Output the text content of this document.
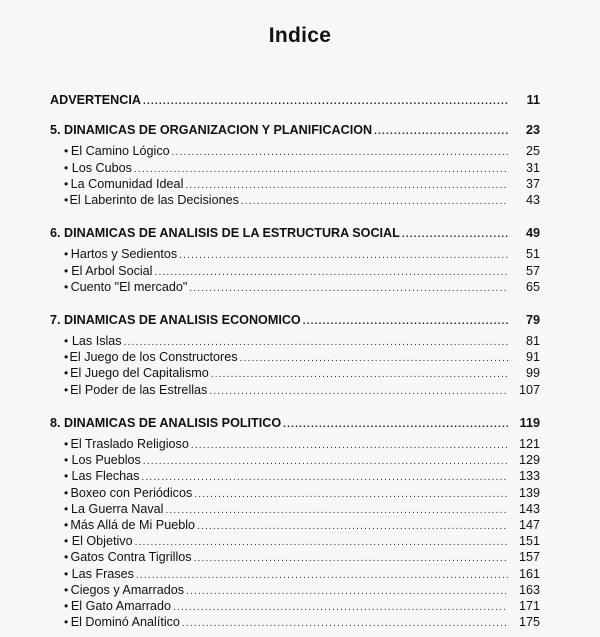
Indice
ADVERTENCIA .....	11
5. DINAMICAS DE ORGANIZACION Y PLANIFICACION .....	23
• El Camino Lógico .....	25
• Los Cubos .....	31
• La Comunidad Ideal .....	37
• El Laberinto de las Decisiones .....	43
6. DINAMICAS DE ANALISIS DE LA ESTRUCTURA SOCIAL .....	49
• Hartos y Sedientos .....	51
• El Arbol Social .....	57
• Cuento "El mercado" .....	65
7. DINAMICAS DE ANALISIS ECONOMICO .....	79
• Las Islas .....	81
• El Juego de los Constructores .....	91
• El Juego del Capitalismo .....	99
• El Poder de las Estrellas .....	107
8. DINAMICAS DE ANALISIS POLITICO .....	119
• El Traslado Religioso .....	121
• Los Pueblos .....	129
• Las Flechas .....	133
• Boxeo con Periódicos .....	139
• La Guerra Naval .....	143
• Más Allá de Mi Pueblo .....	147
• El Objetivo .....	151
• Gatos Contra Tigrillos .....	157
• Las Frases .....	161
• Ciegos y Amarrados .....	163
• El Gato Amarrado .....	171
• El Dominó Analítico .....	175
